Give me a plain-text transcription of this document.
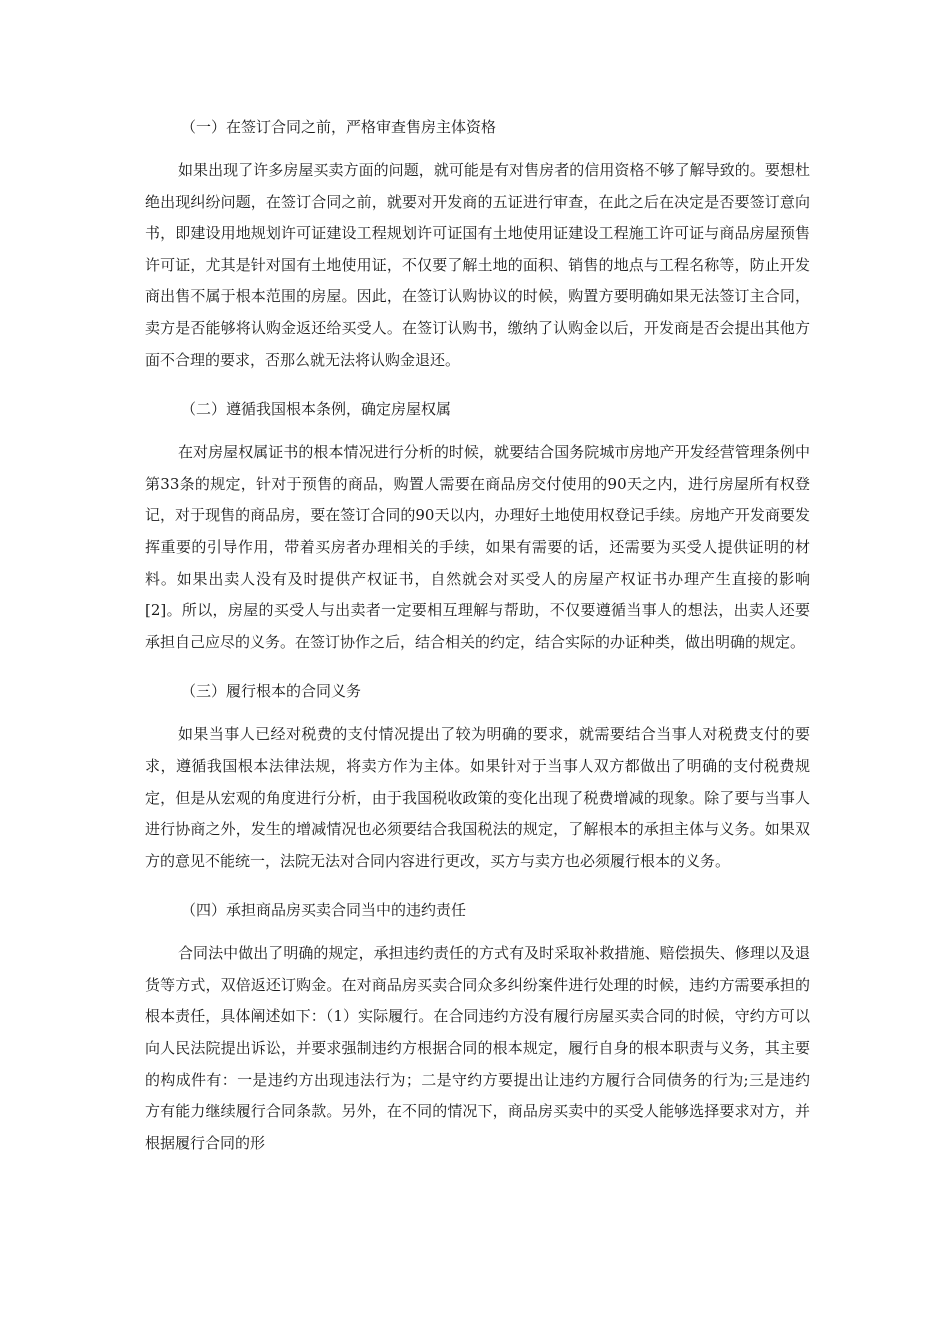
（一）在签订合同之前，严格审查售房主体资格

如果出现了许多房屋买卖方面的问题，就可能是有对售房者的信用资格不够了解导致的。要想杜绝出现纠纷问题，在签订合同之前，就要对开发商的五证进行审查，在此之后在决定是否要签订意向书，即建设用地规划许可证建设工程规划许可证国有土地使用证建设工程施工许可证与商品房屋预售许可证，尤其是针对国有土地使用证，不仅要了解土地的面积、销售的地点与工程名称等，防止开发商出售不属于根本范围的房屋。因此，在签订认购协议的时候，购置方要明确如果无法签订主合同，卖方是否能够将认购金返还给买受人。在签订认购书，缴纳了认购金以后，开发商是否会提出其他方面不合理的要求，否那么就无法将认购金退还。

（二）遵循我国根本条例，确定房屋权属

在对房屋权属证书的根本情况进行分析的时候，就要结合国务院城市房地产开发经营管理条例中第33条的规定，针对于预售的商品，购置人需要在商品房交付使用的90天之内，进行房屋所有权登记，对于现售的商品房，要在签订合同的90天以内，办理好土地使用权登记手续。房地产开发商要发挥重要的引导作用，带着买房者办理相关的手续，如果有需要的话，还需要为买受人提供证明的材料。如果出卖人没有及时提供产权证书，自然就会对买受人的房屋产权证书办理产生直接的影响[2]。所以，房屋的买受人与出卖者一定要相互理解与帮助，不仅要遵循当事人的想法，出卖人还要承担自己应尽的义务。在签订协作之后，结合相关的约定，结合实际的办证种类，做出明确的规定。

（三）履行根本的合同义务

如果当事人已经对税费的支付情况提出了较为明确的要求，就需要结合当事人对税费支付的要求，遵循我国根本法律法规，将卖方作为主体。如果针对于当事人双方都做出了明确的支付税费规定，但是从宏观的角度进行分析，由于我国税收政策的变化出现了税费增减的现象。除了要与当事人进行协商之外，发生的增减情况也必须要结合我国税法的规定，了解根本的承担主体与义务。如果双方的意见不能统一，法院无法对合同内容进行更改，买方与卖方也必须履行根本的义务。

（四）承担商品房买卖合同当中的违约责任

合同法中做出了明确的规定，承担违约责任的方式有及时采取补救措施、赔偿损失、修理以及退货等方式，双倍返还订购金。在对商品房买卖合同众多纠纷案件进行处理的时候，违约方需要承担的根本责任，具体阐述如下：（1）实际履行。在合同违约方没有履行房屋买卖合同的时候，守约方可以向人民法院提出诉讼，并要求强制违约方根据合同的根本规定，履行自身的根本职责与义务，其主要的构成件有：一是违约方出现违法行为；二是守约方要提出让违约方履行合同债务的行为;三是违约方有能力继续履行合同条款。另外，在不同的情况下，商品房买卖中的买受人能够选择要求对方，并根据履行合同的形
